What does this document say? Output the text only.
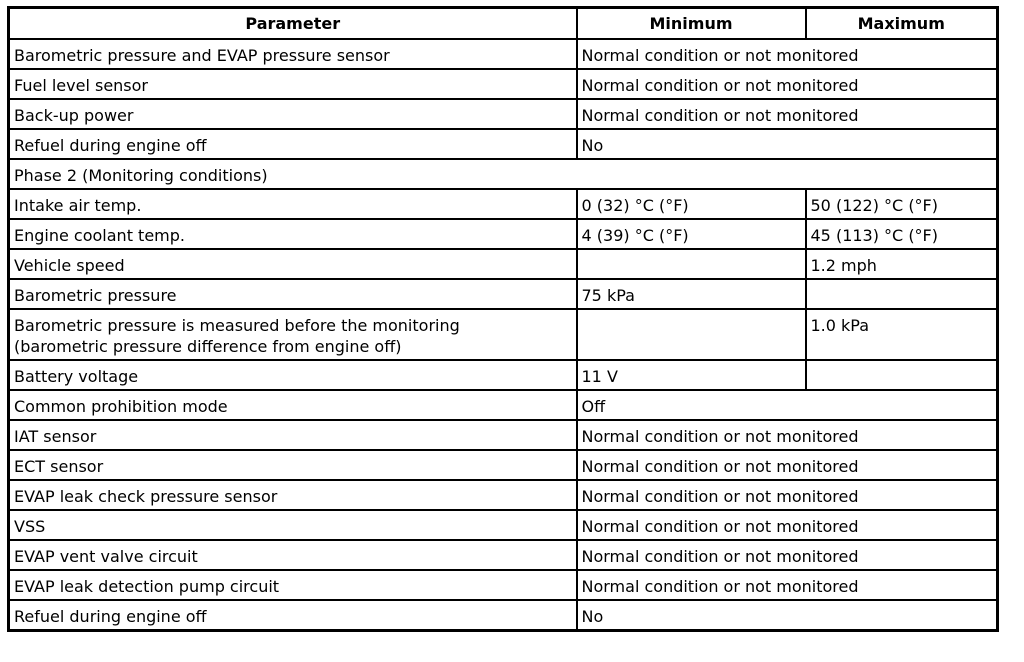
Parameter	Minimum	Maximum
Barometric pressure and EVAP pressure sensor	Normal condition or not monitored	
Fuel level sensor	Normal condition or not monitored	
Back-up power	Normal condition or not monitored	
Refuel during engine off	No	
Phase 2 (Monitoring conditions)		
Intake air temp.	0 (32) °C (°F)	50 (122) °C (°F)
Engine coolant temp.	4 (39) °C (°F)	45 (113) °C (°F)
Vehicle speed		1.2 mph
Barometric pressure	75 kPa	
Barometric pressure is measured before the monitoring
(barometric pressure difference from engine off)		1.0 kPa
Battery voltage	11 V	
Common prohibition mode	Off	
IAT sensor	Normal condition or not monitored	
ECT sensor	Normal condition or not monitored	
EVAP leak check pressure sensor	Normal condition or not monitored	
VSS	Normal condition or not monitored	
EVAP vent valve circuit	Normal condition or not monitored	
EVAP leak detection pump circuit	Normal condition or not monitored	
Refuel during engine off	No	
